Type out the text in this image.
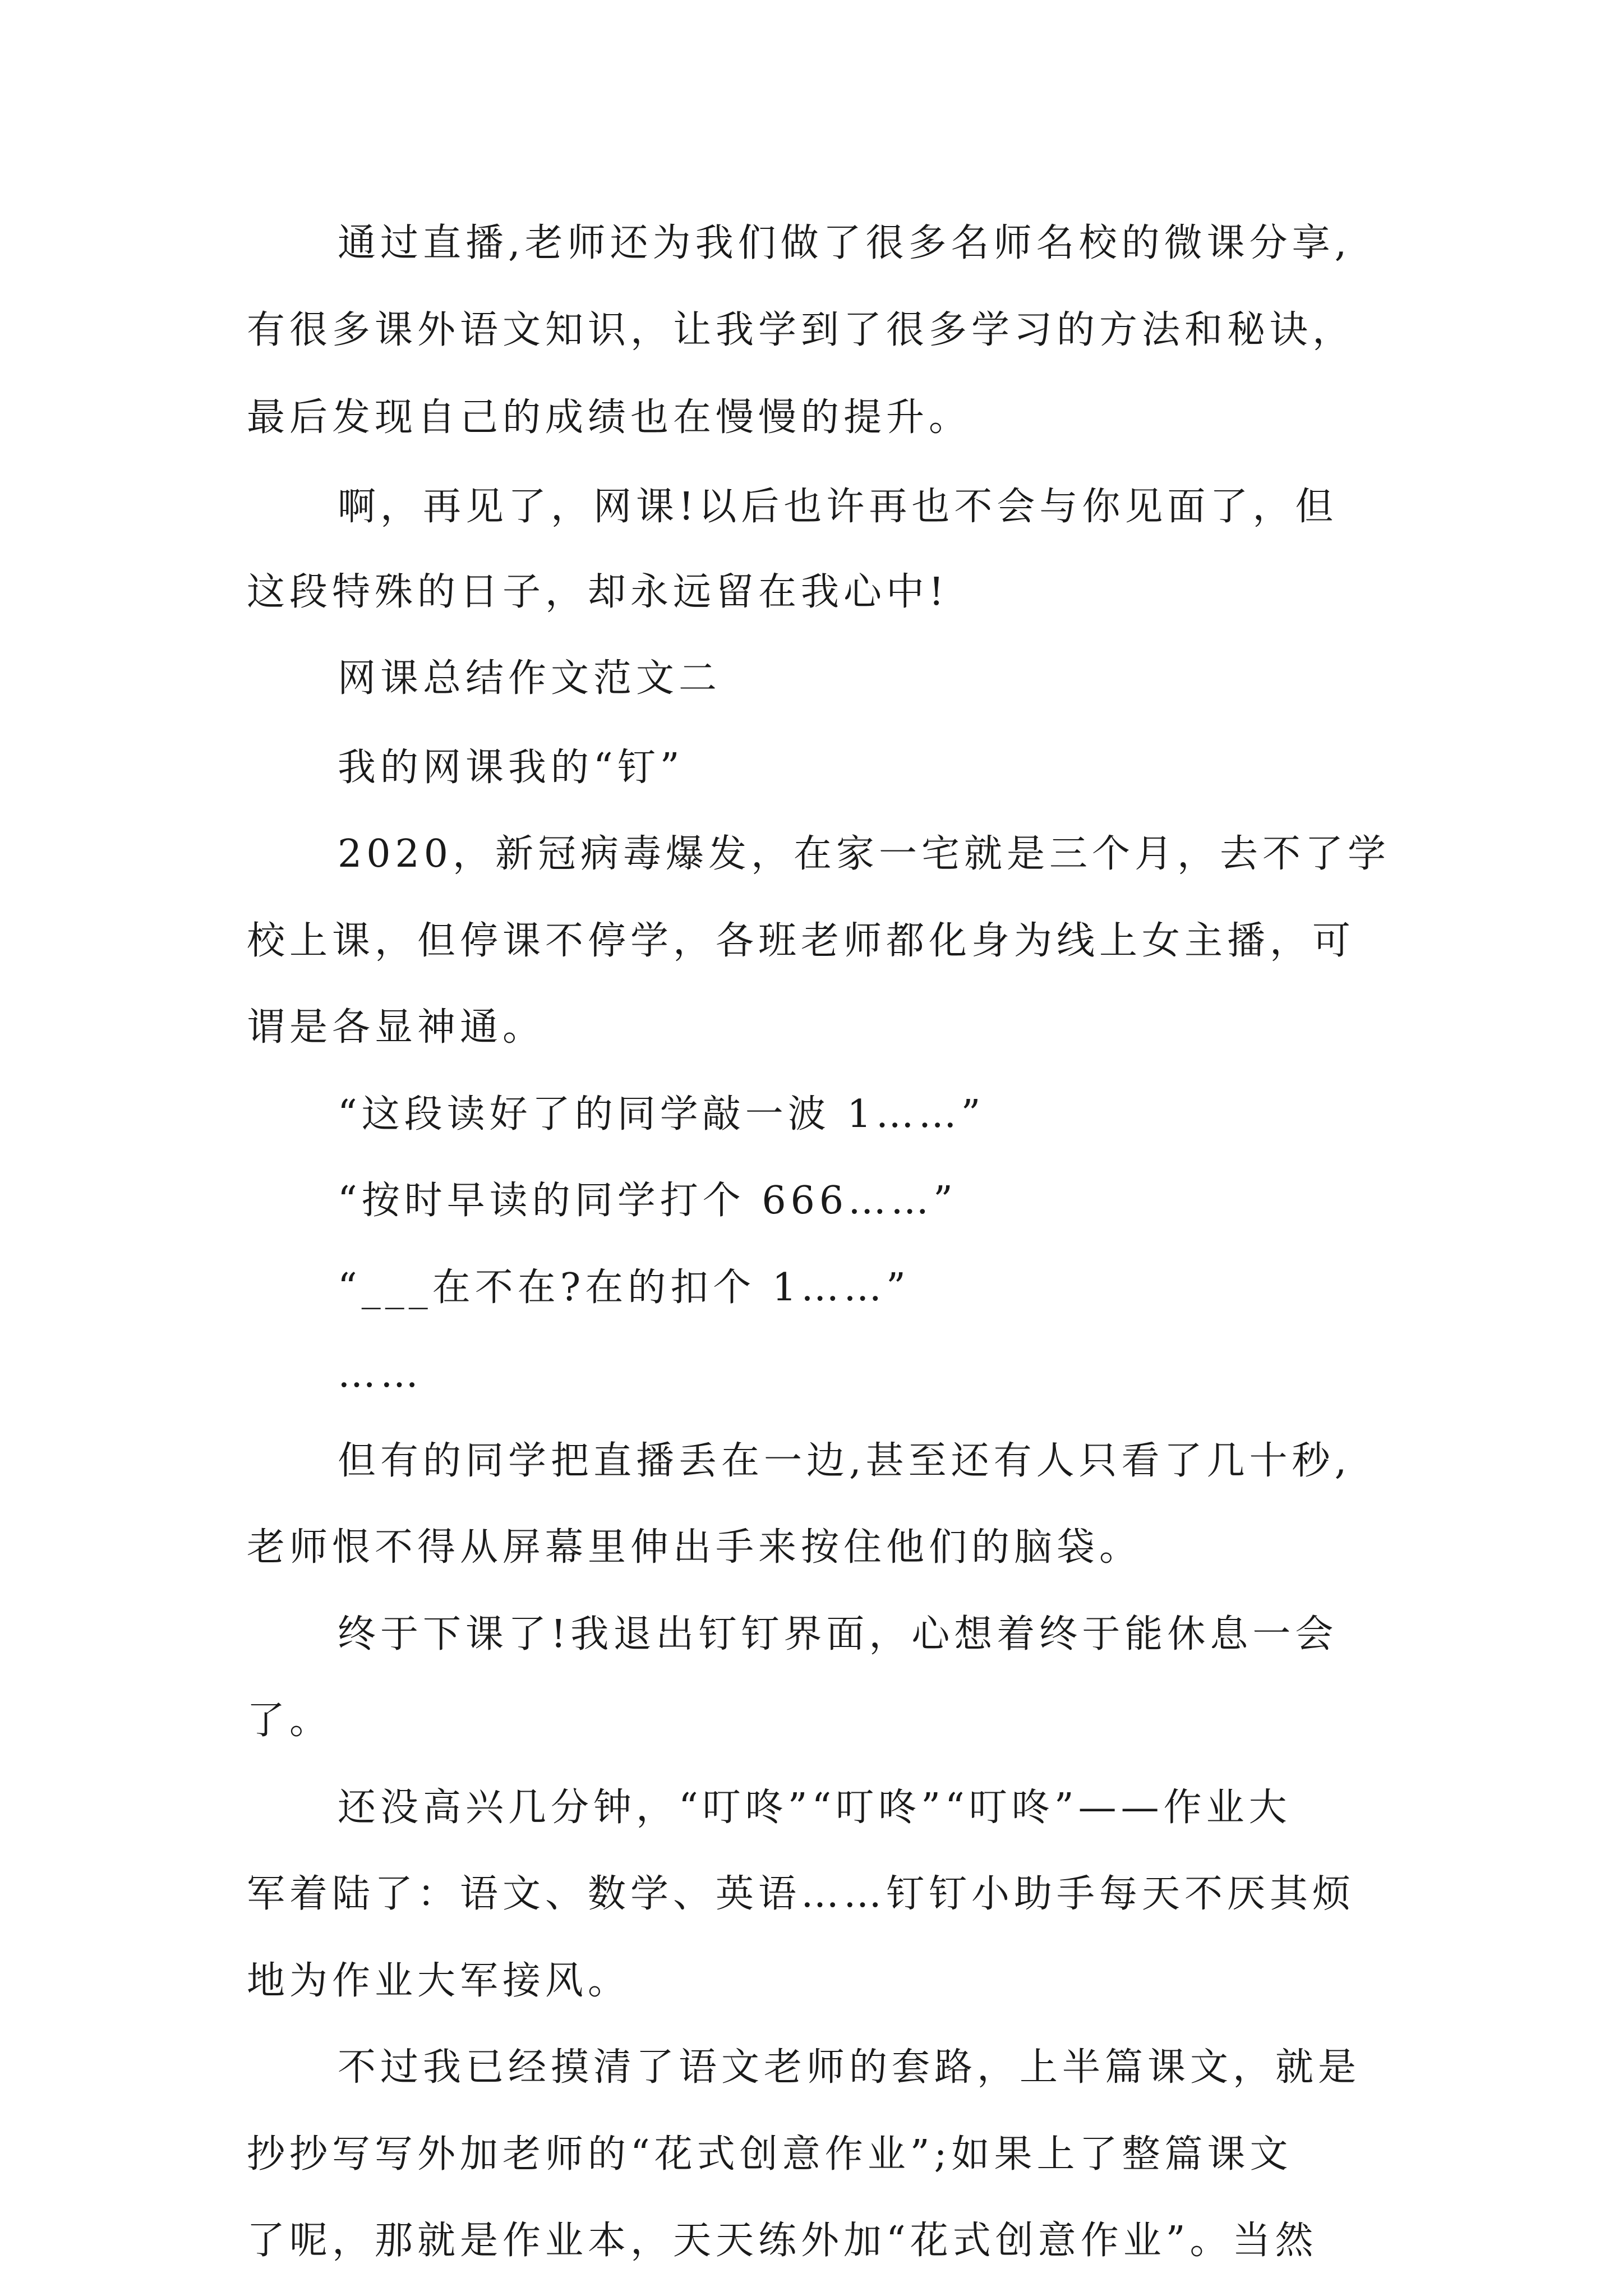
通过直播,老师还为我们做了很多名师名校的微课分享,
有很多课外语文知识，让我学到了很多学习的方法和秘诀，
最后发现自己的成绩也在慢慢的提升。
啊，再见了，网课!以后也许再也不会与你见面了，但
这段特殊的日子，却永远留在我心中!
网课总结作文范文二
我的网课我的“钉”
2020，新冠病毒爆发，在家一宅就是三个月，去不了学
校上课，但停课不停学，各班老师都化身为线上女主播，可
谓是各显神通。
“这段读好了的同学敲一波 1……”
“按时早读的同学打个 666……”
“___在不在?在的扣个 1……”
……
但有的同学把直播丢在一边,甚至还有人只看了几十秒,
老师恨不得从屏幕里伸出手来按住他们的脑袋。
终于下课了!我退出钉钉界面，心想着终于能休息一会
了。
还没高兴几分钟，“叮咚”“叮咚”“叮咚”——作业大
军着陆了：语文、数学、英语……钉钉小助手每天不厌其烦
地为作业大军接风。
不过我已经摸清了语文老师的套路，上半篇课文，就是
抄抄写写外加老师的“花式创意作业”;如果上了整篇课文
了呢，那就是作业本，天天练外加“花式创意作业”。当然
